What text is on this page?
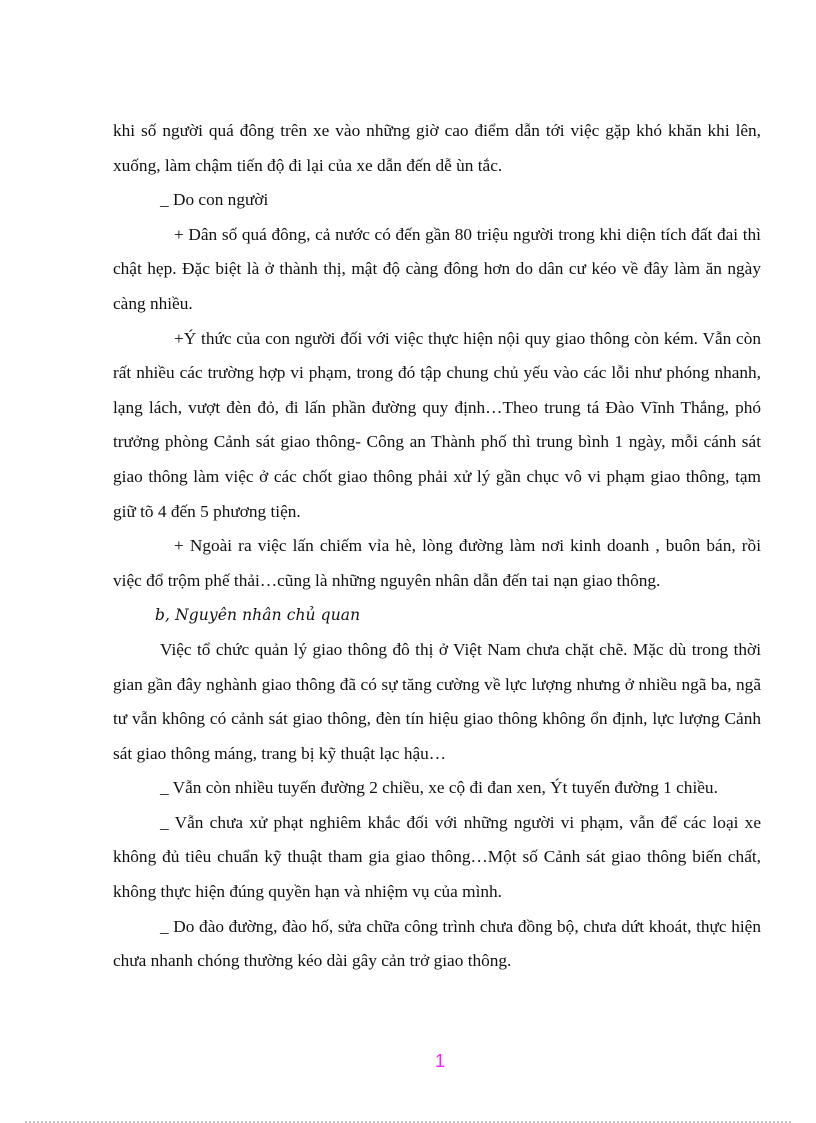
khi số người quá đông trên xe vào những giờ cao điểm dẫn tới việc gặp khó khăn khi lên, xuống, làm chậm tiến độ đi lại của xe dẫn đến dễ ùn tắc.

_ Do con người

+ Dân số quá đông, cả nước có đến gần 80 triệu người trong khi diện tích đất đai thì chật hẹp. Đặc biệt là ở thành thị, mật độ càng đông hơn do dân cư kéo về đây làm ăn ngày càng nhiều.

+Ý thức của con người đối với việc thực hiện nội quy giao thông còn kém. Vẫn còn rất nhiều các trường hợp vi phạm, trong đó tập chung chủ yếu vào các lỗi như phóng nhanh, lạng lách, vượt đèn đỏ, đi lấn phần đường quy định…Theo trung tá Đào Vĩnh Thắng, phó trưởng phòng Cảnh sát giao thông- Công an Thành phố thì trung bình 1 ngày, mỗi cánh sát giao thông làm việc ở các chốt giao thông phải xử lý gần chục vô vi phạm giao thông, tạm giữ tõ 4 đến 5 phương tiện.

+ Ngoài ra việc lấn chiếm vỉa hè, lòng đường làm nơi kinh doanh , buôn bán, rồi việc đổ trộm phế thải…cũng là những nguyên nhân dẫn đến tai nạn giao thông.

b, Nguyên nhân chủ quan

Việc tổ chức quản lý giao thông đô thị ở Việt Nam chưa chặt chẽ. Mặc dù trong thời gian gần đây nghành giao thông đã có sự tăng cường về lực lượng nhưng ở nhiều ngã ba, ngã tư vẫn không có cảnh sát giao thông, đèn tín hiệu giao thông không ổn định, lực lượng Cảnh sát giao thông máng, trang bị kỹ thuật lạc hậu…

_ Vẫn còn nhiều tuyến đường 2 chiều, xe cộ đi đan xen, Ýt tuyến đường 1 chiều.

_ Vẫn chưa xử phạt nghiêm khắc đối với những người vi phạm, vẫn để các loại xe không đủ tiêu chuẩn kỹ thuật tham gia giao thông…Một số Cảnh sát giao thông biến chất, không thực hiện đúng quyền hạn và nhiệm vụ của mình.

_ Do đào đường, đào hố, sửa chữa công trình chưa đồng bộ, chưa dứt khoát, thực hiện chưa nhanh chóng thường kéo dài gây cản trở giao thông.

1
